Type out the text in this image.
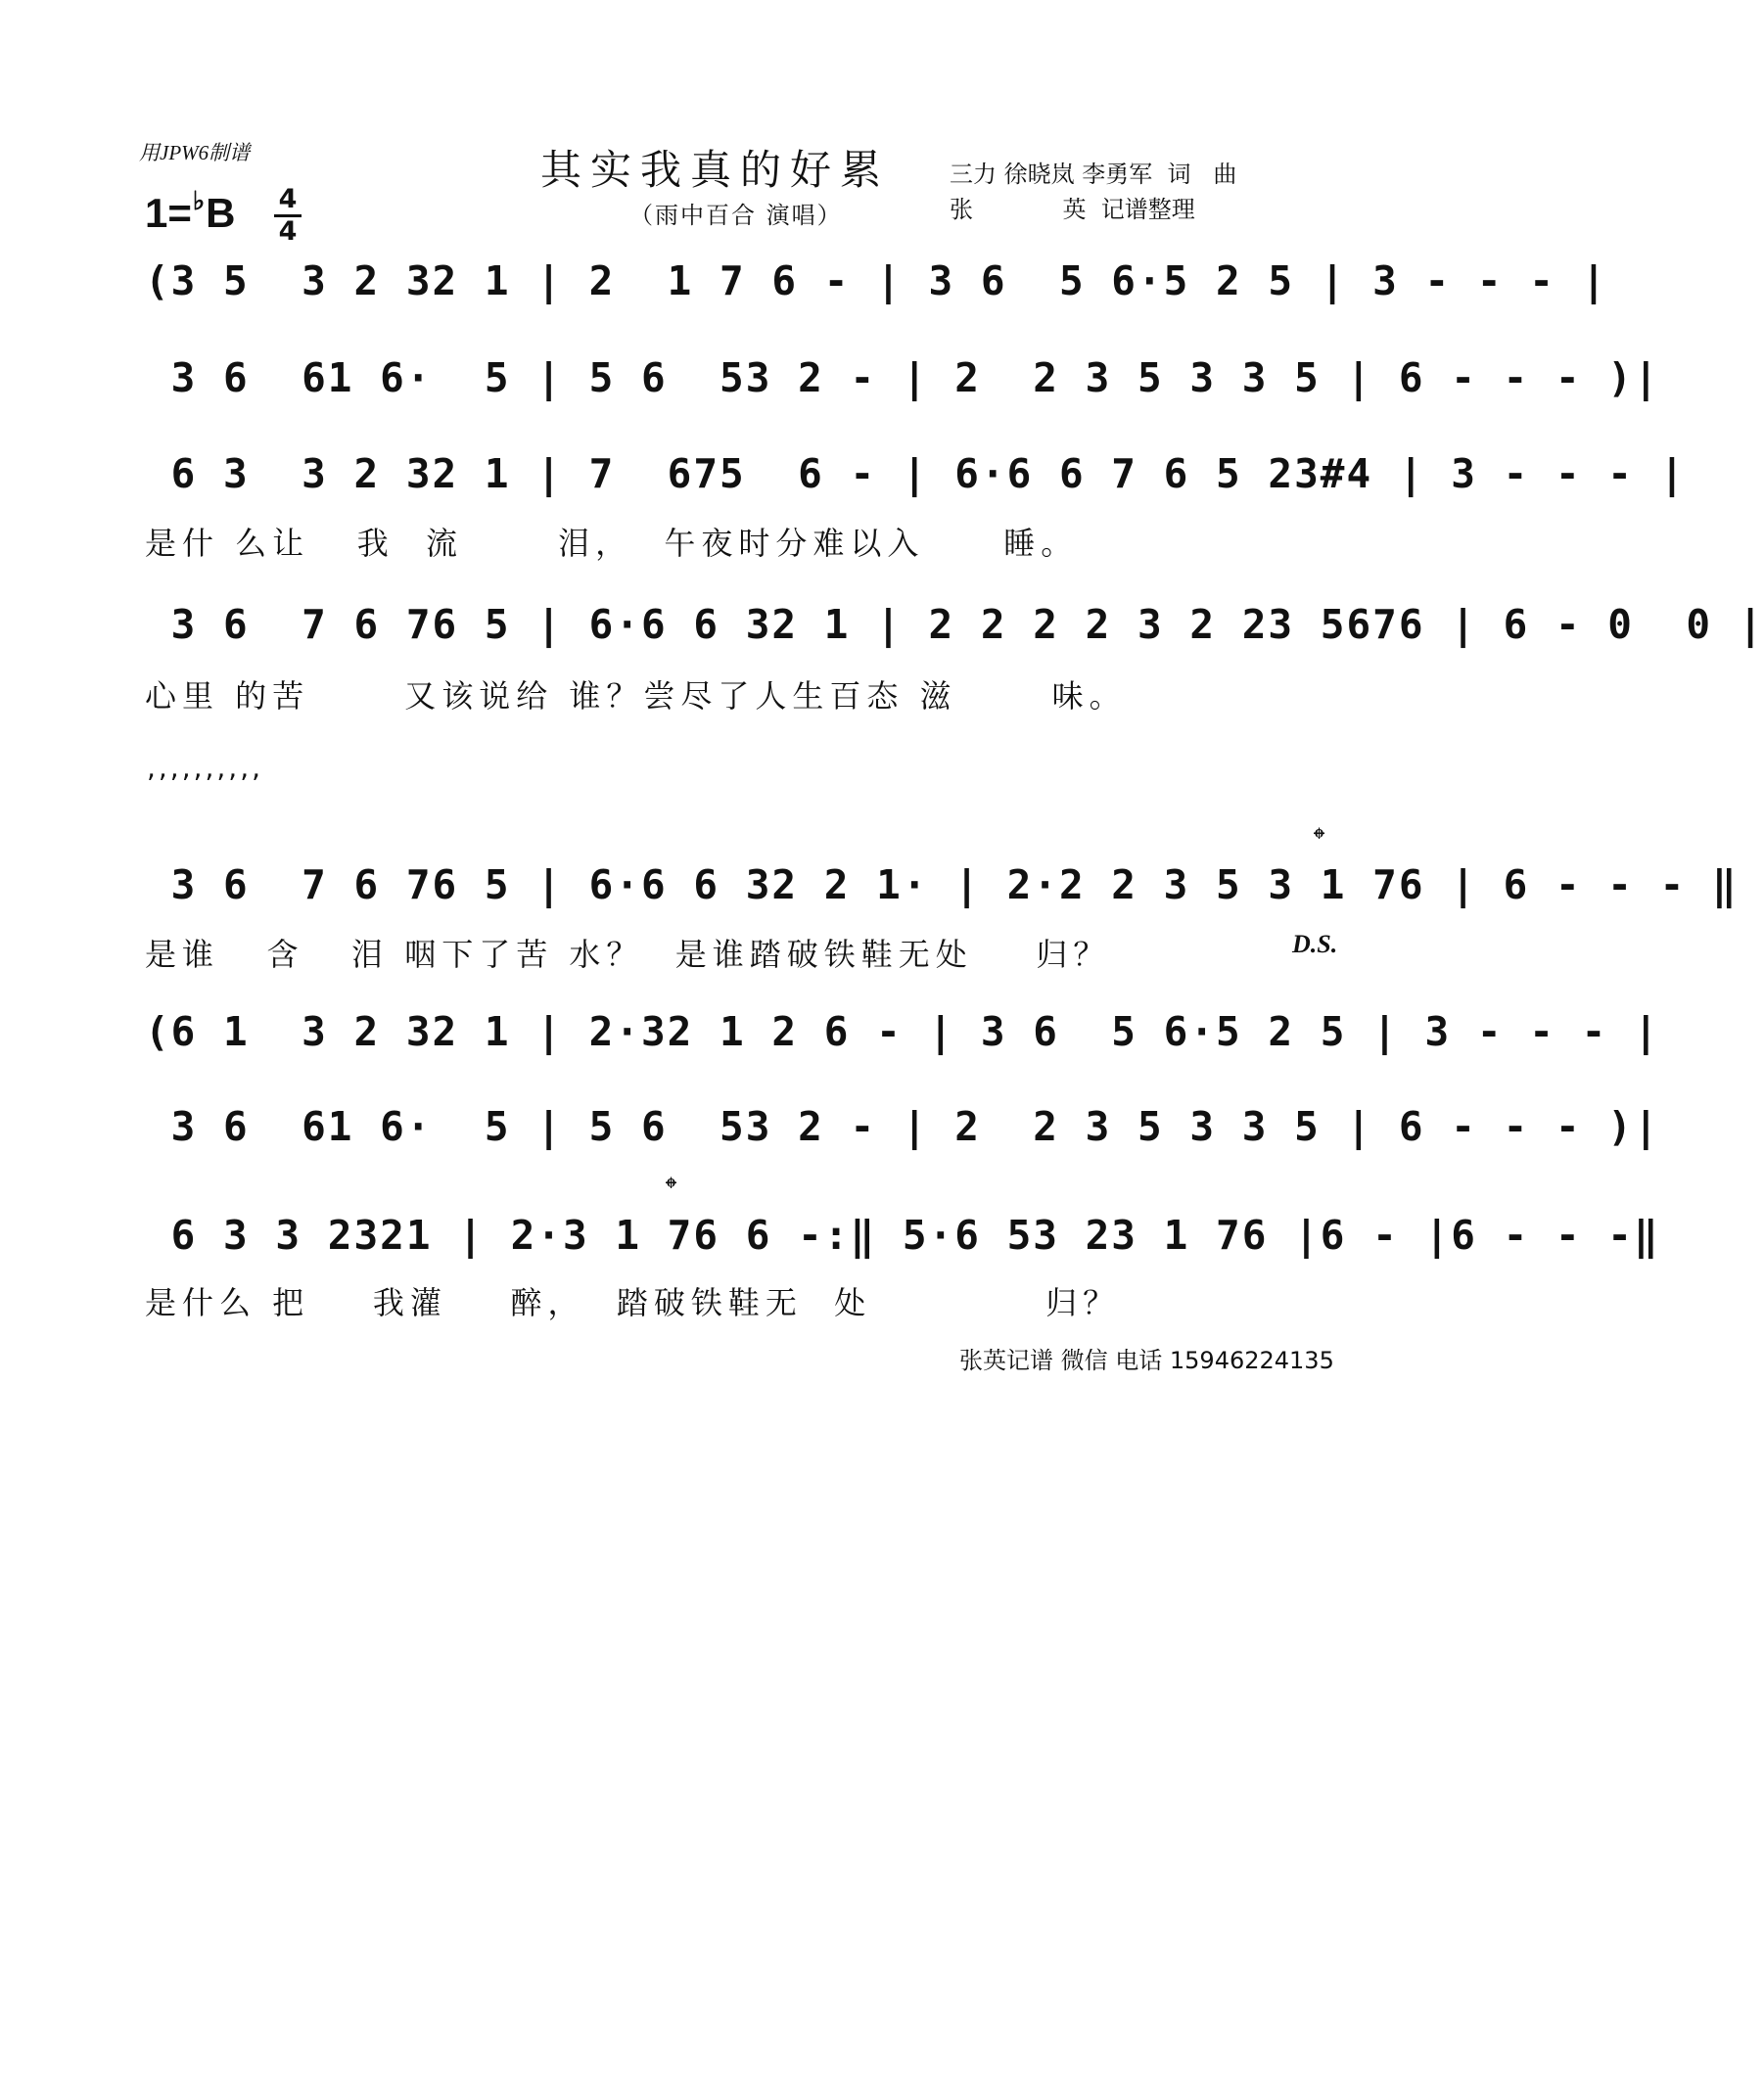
用JPW6制谱	其实我真的好累
（雨中百合 演唱）
三力 徐晓岚 李勇军  词   曲
张            英  记谱整理
1=♭B 4
4
(3 5  3 2 32 1 | 2  1 7 6 - | 3 6  5 6·5 2 5 | 3 - - - |
3 6  61 6·  5 | 5 6  53 2 - | 2  2 3 5 3 3 5 | 6 - - - )|
6 3  3 2 32 1 | 7  675  6 - | 6·6 6 7 6 5 23#4 | 3 - - - |
是什 么让   我  流      泪，  午夜时分难以入     睡。
3 6  7 6 76 5 | 6·6 6 32 1 | 2 2 2 2 3 2 23 5676 | 6 - 0  0 |
心里 的苦      又该说给 谁？尝尽了人生百态 滋      味。
,,,,,,,,,,
𝄌
3 6  7 6 76 5 | 6·6 6 32 2 1· | 2·2 2 3 5 3 1 76 | 6 - - - ‖
是谁   含   泪 咽下了苦 水？  是谁踏破铁鞋无处    归？	D.S.
(6 1  3 2 32 1 | 2·32 1 2 6 - | 3 6  5 6·5 2 5 | 3 - - - |
3 6  61 6·  5 | 5 6  53 2 - | 2  2 3 5 3 3 5 | 6 - - - )|
𝄌
6 3 3 2321 | 2·3 1 76 6 -:‖ 5·6 53 23 1 76 |6 - |6 - - -‖
是什么 把    我灌    醉，  踏破铁鞋无  处           归？
张英记谱 微信 电话 15946224135
